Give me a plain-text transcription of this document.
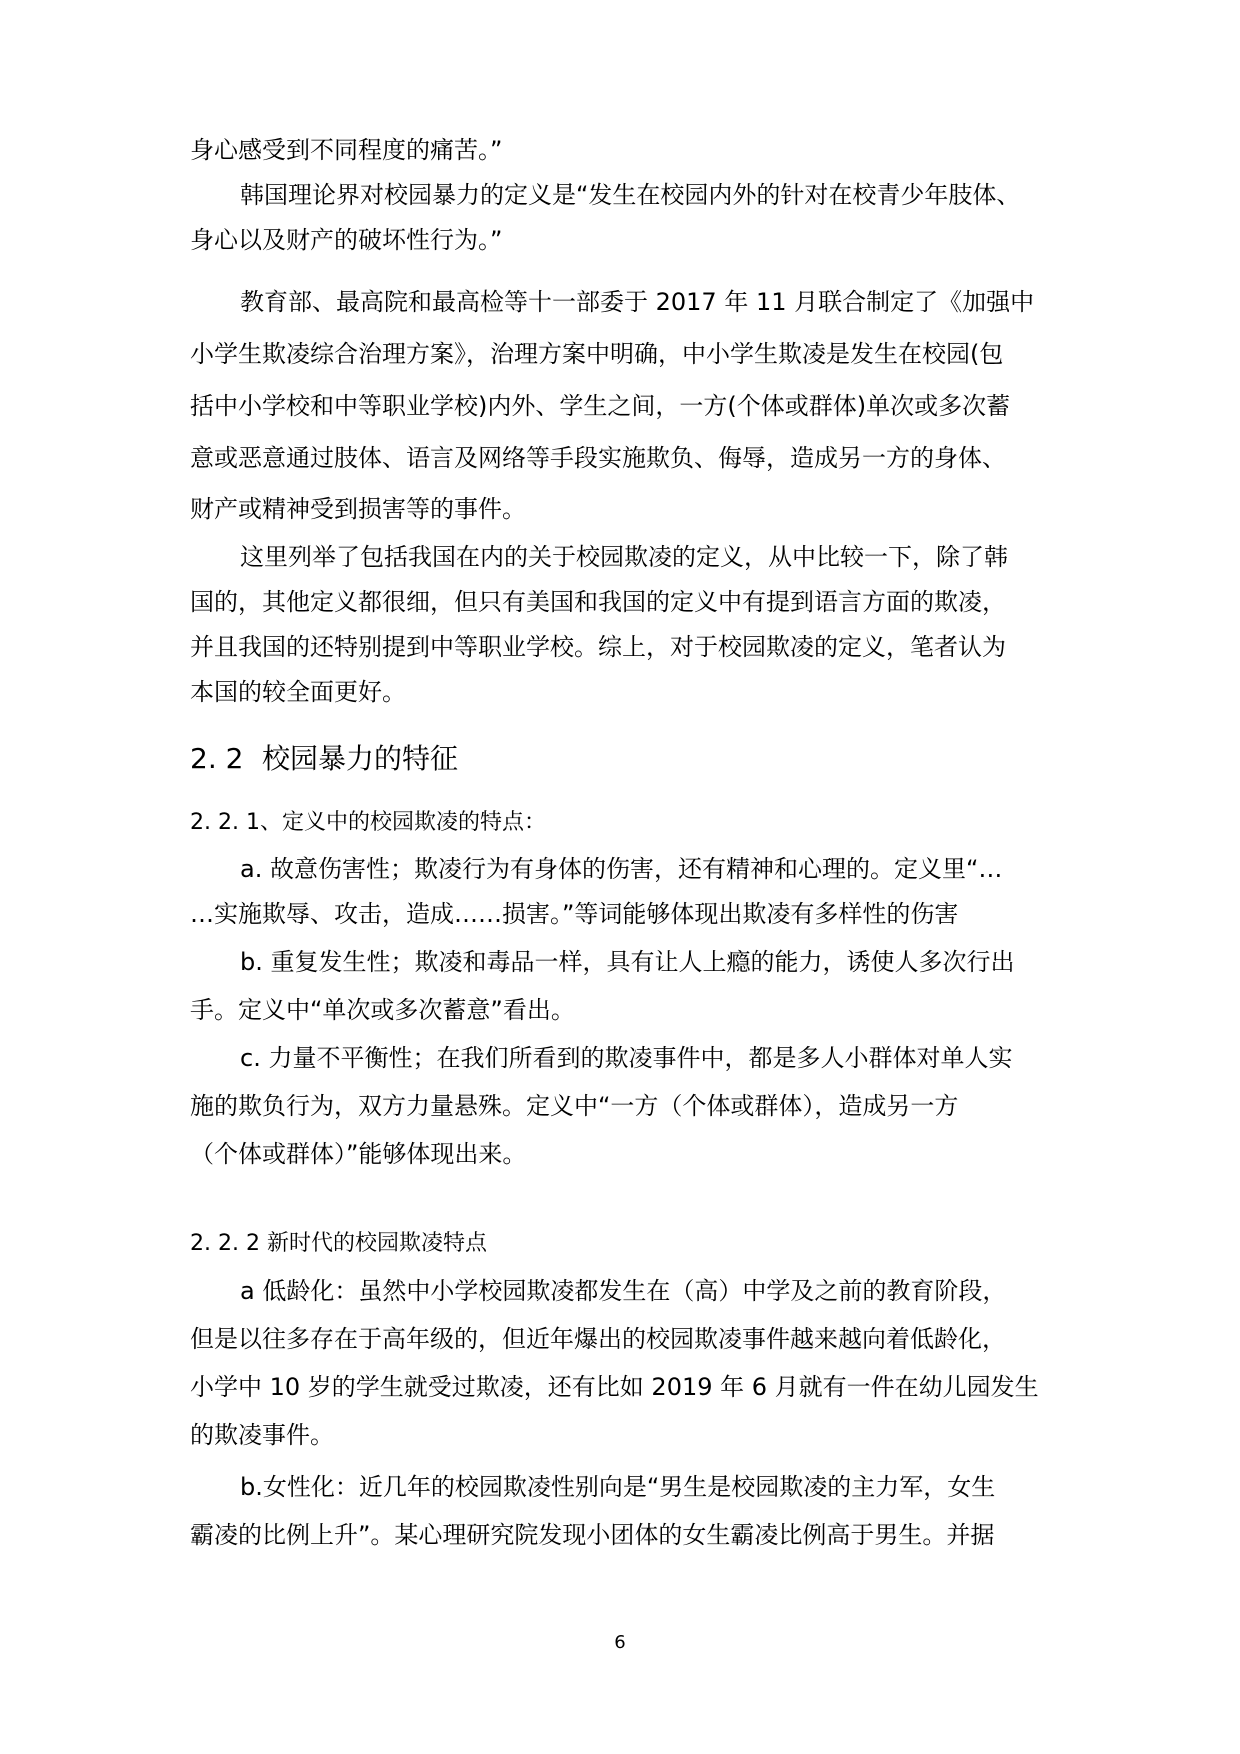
身心感受到不同程度的痛苦。”
韩国理论界对校园暴力的定义是“发生在校园内外的针对在校青少年肢体、
身心以及财产的破坏性行为。”
教育部、最高院和最高检等十一部委于 2017 年 11 月联合制定了《加强中
小学生欺凌综合治理方案》，治理方案中明确，中小学生欺凌是发生在校园(包
括中小学校和中等职业学校)内外、学生之间，一方(个体或群体)单次或多次蓄
意或恶意通过肢体、语言及网络等手段实施欺负、侮辱，造成另一方的身体、
财产或精神受到损害等的事件。
这里列举了包括我国在内的关于校园欺凌的定义，从中比较一下，除了韩
国的，其他定义都很细，但只有美国和我国的定义中有提到语言方面的欺凌，
并且我国的还特别提到中等职业学校。综上，对于校园欺凌的定义，笔者认为
本国的较全面更好。
2. 2 校园暴力的特征
2. 2. 1、定义中的校园欺凌的特点：
a. 故意伤害性；欺凌行为有身体的伤害，还有精神和心理的。定义里“…
…实施欺辱、攻击，造成……损害。”等词能够体现出欺凌有多样性的伤害
b. 重复发生性；欺凌和毒品一样，具有让人上瘾的能力，诱使人多次行出
手。定义中“单次或多次蓄意”看出。
c. 力量不平衡性；在我们所看到的欺凌事件中，都是多人小群体对单人实
施的欺负行为，双方力量悬殊。定义中“一方（个体或群体），造成另一方
（个体或群体）”能够体现出来。
2. 2. 2 新时代的校园欺凌特点
a 低龄化：虽然中小学校园欺凌都发生在（高）中学及之前的教育阶段，
但是以往多存在于高年级的，但近年爆出的校园欺凌事件越来越向着低龄化，
小学中 10 岁的学生就受过欺凌，还有比如 2019 年 6 月就有一件在幼儿园发生
的欺凌事件。
b.女性化：近几年的校园欺凌性别向是“男生是校园欺凌的主力军，女生
霸凌的比例上升”。某心理研究院发现小团体的女生霸凌比例高于男生。并据
6
